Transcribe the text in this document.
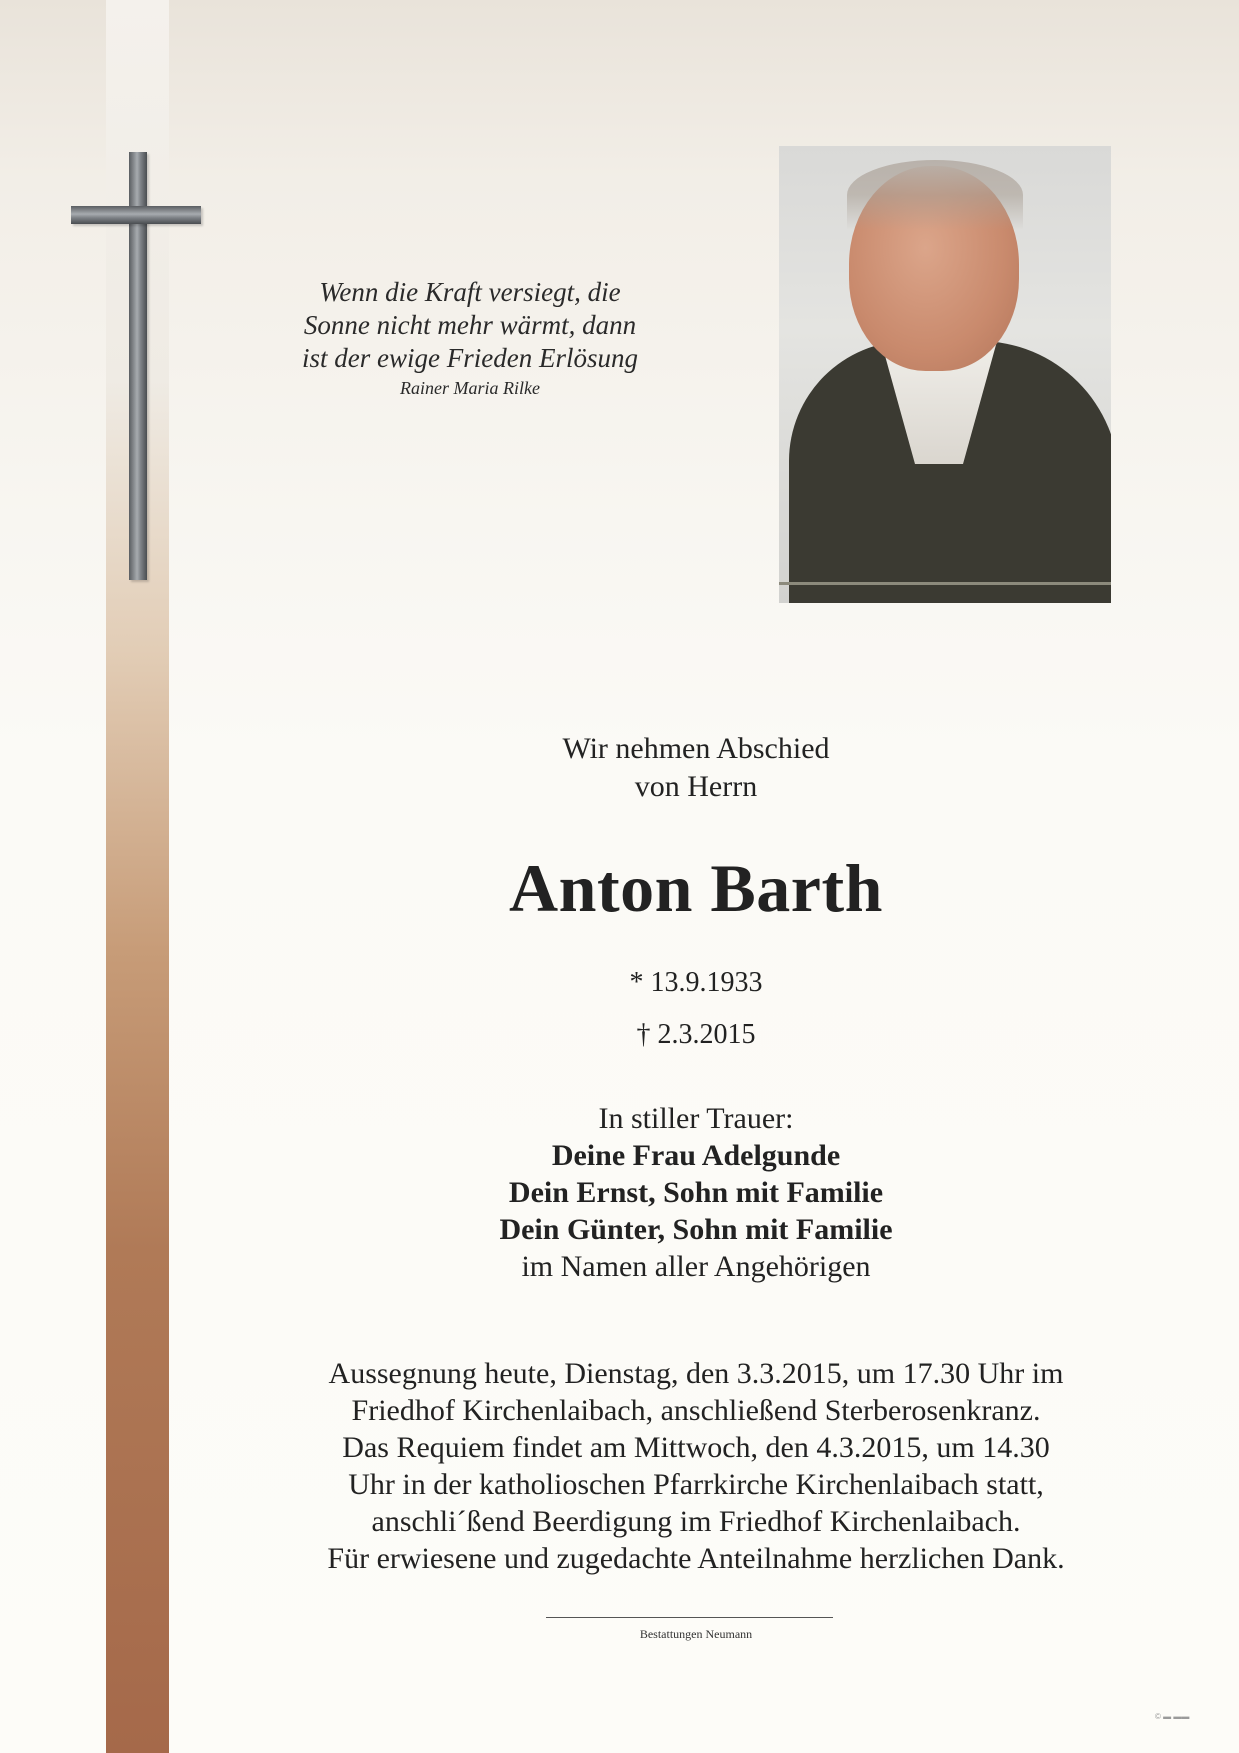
Wenn die Kraft versiegt, die
Sonne nicht mehr wärmt, dann
ist der ewige Frieden Erlösung
Rainer Maria Rilke
Wir nehmen Abschied
von Herrn
Anton Barth
* 13.9.1933
† 2.3.2015
In stiller Trauer:
Deine Frau Adelgunde
Dein Ernst, Sohn mit Familie
Dein Günter, Sohn mit Familie
im Namen aller Angehörigen
Aussegnung heute, Dienstag, den 3.3.2015, um 17.30 Uhr im
Friedhof Kirchenlaibach, anschließend Sterberosenkranz.
Das Requiem findet am Mittwoch, den 4.3.2015, um 14.30
Uhr in der katholioschen Pfarrkirche Kirchenlaibach statt,
anschli´ßend Beerdigung im Friedhof Kirchenlaibach.
Für erwiesene und zugedachte Anteilnahme herzlichen Dank.
Bestattungen Neumann
© ▬ ▬▬
